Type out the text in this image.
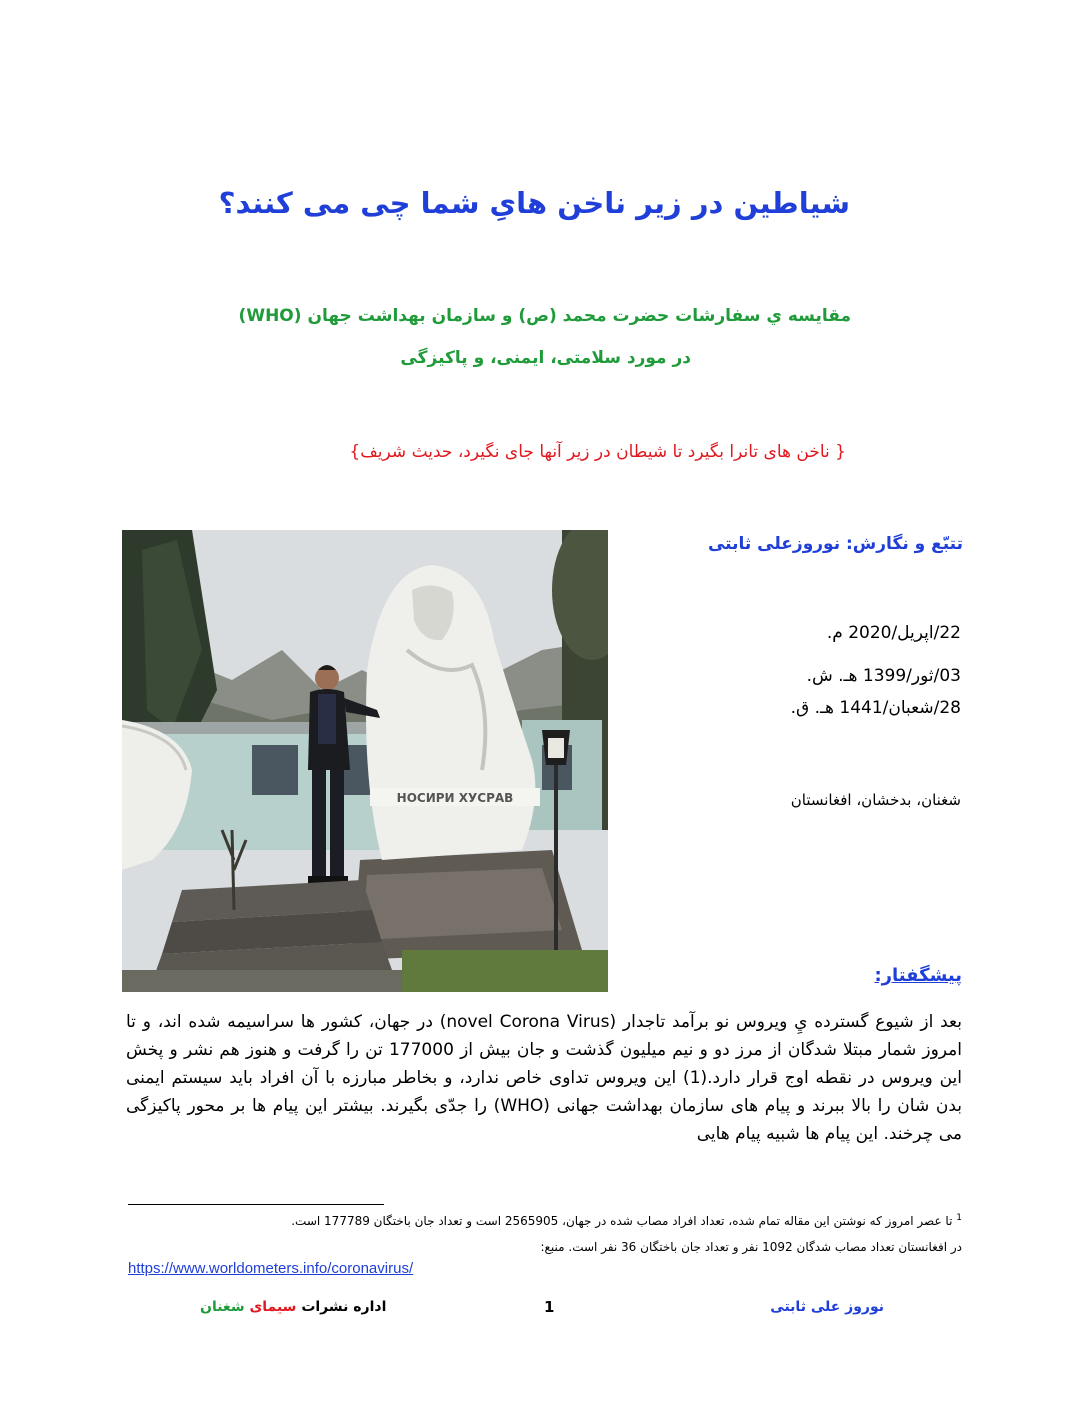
شیاطین در زیر ناخن هایِ شما چی می کنند؟
مقایسه ي سفارشات حضرت محمد (ص) و سازمان بهداشت جهان (WHO)
در مورد سلامتی، ایمنی، و پاکیزگی
{ ناخن های تانرا بگیرد تا شیطان در زیر آنها جای نگیرد، حدیث شریف}
НОСИРИ ХУСРАВ
تتبّع و نگارش: نوروزعلی ثابتی
22/اپریل/2020 م.
03/ثور/1399 هـ. ش.
28/شعبان/1441 هـ. ق.
شغنان، بدخشان، افغانستان
پیشگفتار:
بعد از شیوع گسترده يِ ویروس نو برآمد تاجدار (novel Corona Virus) در جهان، کشور ها سراسیمه شده اند، و تا امروز شمار مبتلا شدگان از مرز دو و نیم میلیون گذشت و جان بیش از 177000 تن را گرفت و هنوز هم نشر و پخش این ویروس در نقطه اوج قرار دارد.(1) این ویروس تداوی خاص ندارد، و بخاطر مبارزه با آن افراد باید سیستم ایمنی بدن شان را بالا ببرند و پیام های سازمان بهداشت جهانی (WHO) را جدّی بگیرند. بیشتر این پیام ها بر محور پاکیزگی می چرخند. این پیام ها شبیه پیام هایی
$^1$ تا عصر امروز که نوشتن این مقاله تمام شده، تعداد افراد مصاب شده در جهان، 2565905 است و تعداد جان باختگان 177789 است.
در افغانستان تعداد مصاب شدگان 1092 نفر و تعداد جان باختگان 36 نفر است. منبع:
https://www.worldometers.info/coronavirus/
اداره نشرات سیمای شغنان	1	نوروز علی ثابتی
